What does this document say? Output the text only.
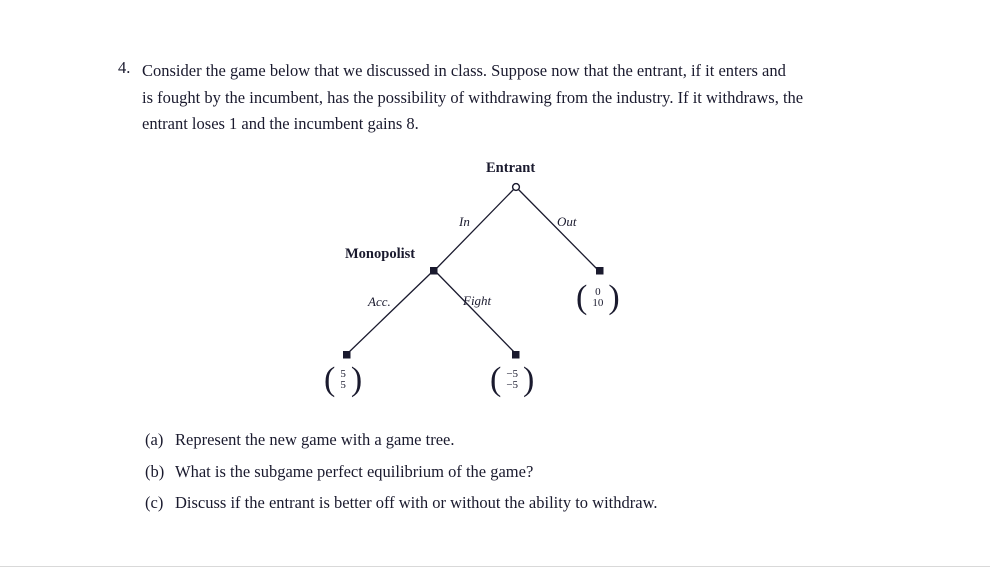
4. Consider the game below that we discussed in class. Suppose now that the entrant, if it enters and
is fought by the incumbent, has the possibility of withdrawing from the industry. If it withdraws, the
entrant loses 1 and the incumbent gains 8.
Entrant
Monopolist
In	Out
Acc.	Fight ( 0
10 )
( 5
5 )	( −5
−5 )
(a) Represent the new game with a game tree.
(b) What is the subgame perfect equilibrium of the game?
(c) Discuss if the entrant is better off with or without the ability to withdraw.
